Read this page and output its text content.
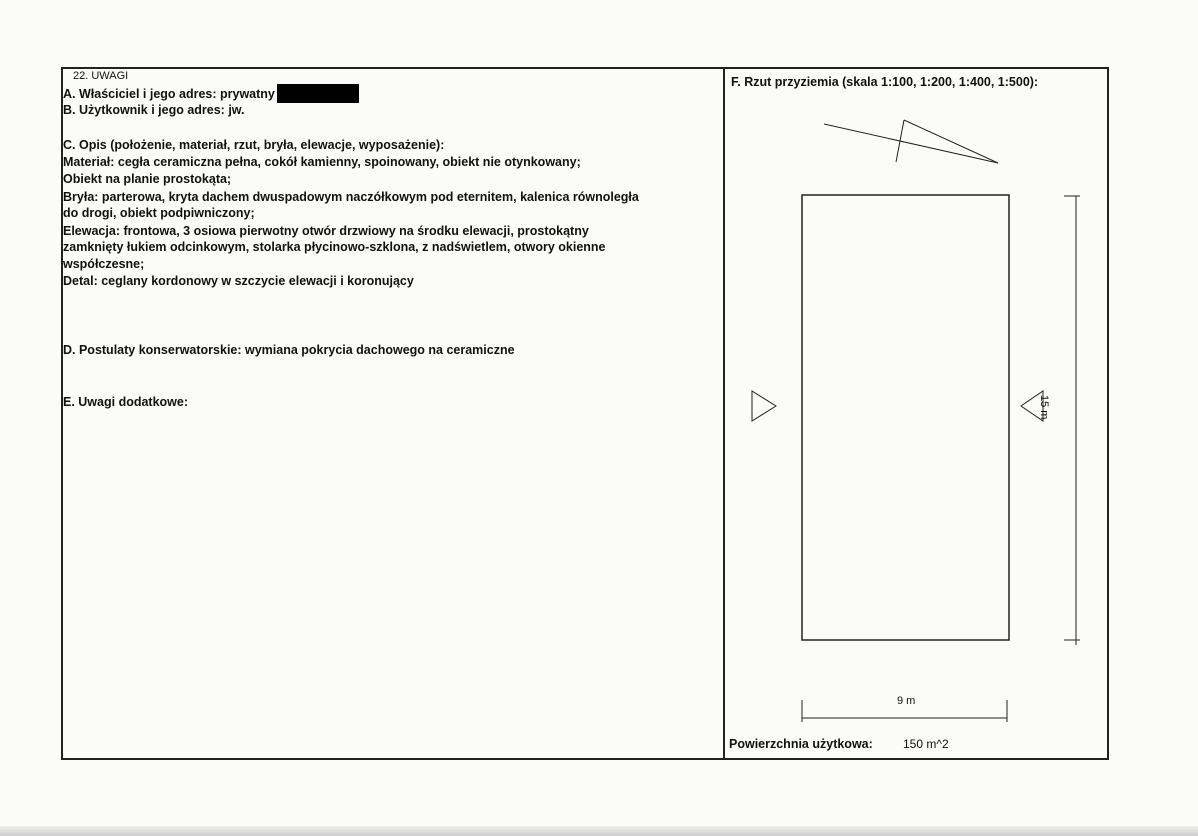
22. UWAGI
A. Właściciel i jego adres: prywatny
B. Użytkownik i jego adres: jw.
C. Opis (położenie, materiał, rzut, bryła, elewacje, wyposażenie):
Materiał: cegła ceramiczna pełna, cokół kamienny, spoinowany, obiekt nie otynkowany;
Obiekt na planie prostokąta;
Bryła: parterowa, kryta dachem dwuspadowym naczółkowym pod eternitem, kalenica równoległa
do drogi, obiekt podpiwniczony;
Elewacja: frontowa, 3 osiowa pierwotny otwór drzwiowy na środku elewacji, prostokątny
zamknięty łukiem odcinkowym, stolarka płycinowo-szklona, z nadświetlem, otwory okienne
współczesne;
Detal: ceglany kordonowy w szczycie elewacji i koronujący
D. Postulaty konserwatorskie: wymiana pokrycia dachowego na ceramiczne
E. Uwagi dodatkowe:
F. Rzut przyziemia (skala 1:100, 1:200, 1:400, 1:500):
9 m
15 m
Powierzchnia użytkowa:	150 m^2
